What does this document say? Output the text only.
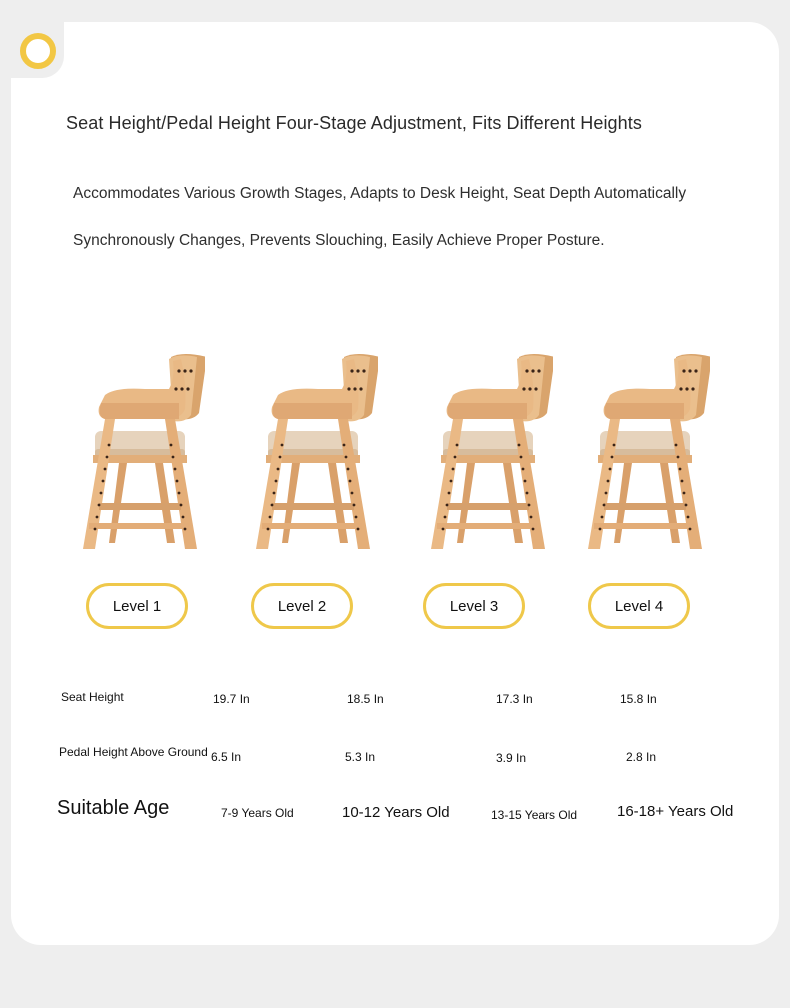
Seat Height/Pedal Height Four-Stage Adjustment, Fits Different Heights

Accommodates Various Growth Stages, Adapts to Desk Height, Seat Depth Automatically

Synchronously Changes, Prevents Slouching, Easily Achieve Proper Posture.

Level 1	Level 2	Level 3	Level 4
Seat Height	19.7 In	18.5 In	17.3 In	15.8 In
Pedal Height Above Ground 6.5 In	5.3 In	3.9 In	2.8 In
Suitable Age	7-9 Years Old	10-12 Years Old	13-15 Years Old	16-18+ Years Old
